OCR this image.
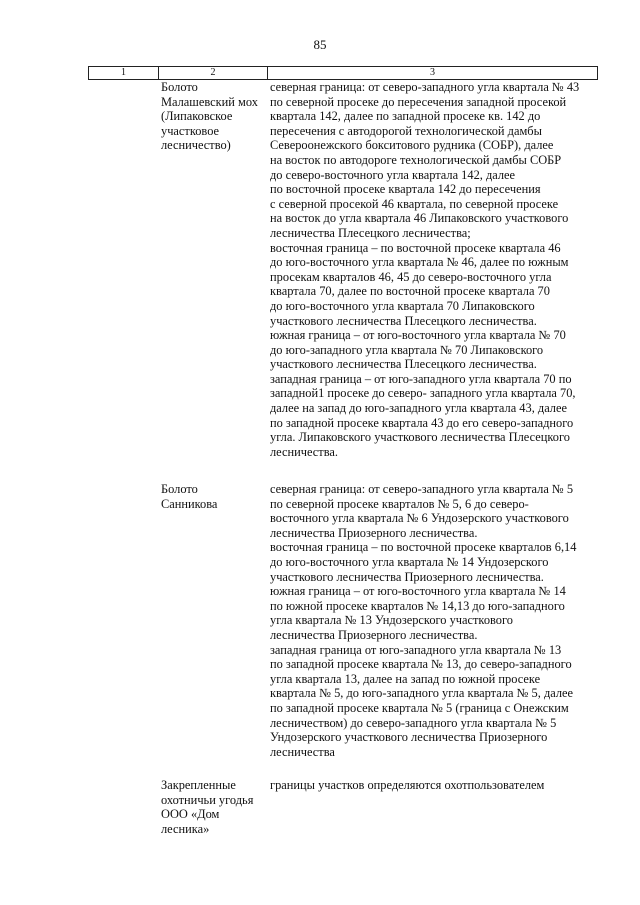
85
1	2	3
Болото
Малашевский мох
(Липаковское
участковое
лесничество)
северная граница: от северо-западного угла квартала № 43
по северной просеке до пересечения западной просекой
квартала 142, далее по западной просеке кв. 142 до
пересечения с автодорогой технологической дамбы
Североонежского бокситового рудника (СОБР), далее
на восток по автодороге технологической дамбы СОБР
до северо-восточного угла квартала 142, далее
по восточной просеке квартала 142 до пересечения
с северной просекой 46 квартала, по северной просеке
на восток до угла квартала 46 Липаковского участкового
лесничества Плесецкого лесничества;
восточная граница – по восточной просеке квартала 46
до юго-восточного угла квартала № 46, далее по южным
просекам кварталов 46, 45 до северо-восточного угла
квартала 70, далее по восточной просеке квартала 70
до юго-восточного угла квартала 70 Липаковского
участкового лесничества Плесецкого лесничества.
южная граница – от юго-восточного угла квартала № 70
до юго-западного угла квартала № 70 Липаковского
участкового лесничества Плесецкого лесничества.
западная граница – от юго-западного угла квартала 70 по
западной1 просеке до северо- западного угла квартала 70,
далее на запад до юго-западного угла квартала 43, далее
по западной просеке квартала 43 до его северо-западного
угла. Липаковского участкового лесничества Плесецкого
лесничества.
Болото
Санникова
северная граница: от северо-западного угла квартала № 5
по северной просеке кварталов № 5, 6 до северо-
восточного угла квартала № 6 Ундозерского участкового
лесничества Приозерного лесничества.
восточная граница – по восточной просеке кварталов 6,14
до юго-восточного угла квартала № 14 Ундозерского
участкового лесничества Приозерного лесничества.
южная граница – от юго-восточного угла квартала № 14
по южной просеке кварталов № 14,13 до юго-западного
угла квартала № 13 Ундозерского участкового
лесничества Приозерного лесничества.
западная граница от юго-западного угла квартала № 13
по западной просеке квартала № 13, до северо-западного
угла квартала 13, далее на запад по южной просеке
квартала № 5, до юго-западного угла квартала № 5, далее
по западной просеке квартала № 5 (граница с Онежским
лесничеством) до северо-западного угла квартала № 5
Ундозерского участкового лесничества Приозерного
лесничества
Закрепленные
охотничьи угодья
ООО «Дом
лесника»
границы участков определяются охотпользователем
